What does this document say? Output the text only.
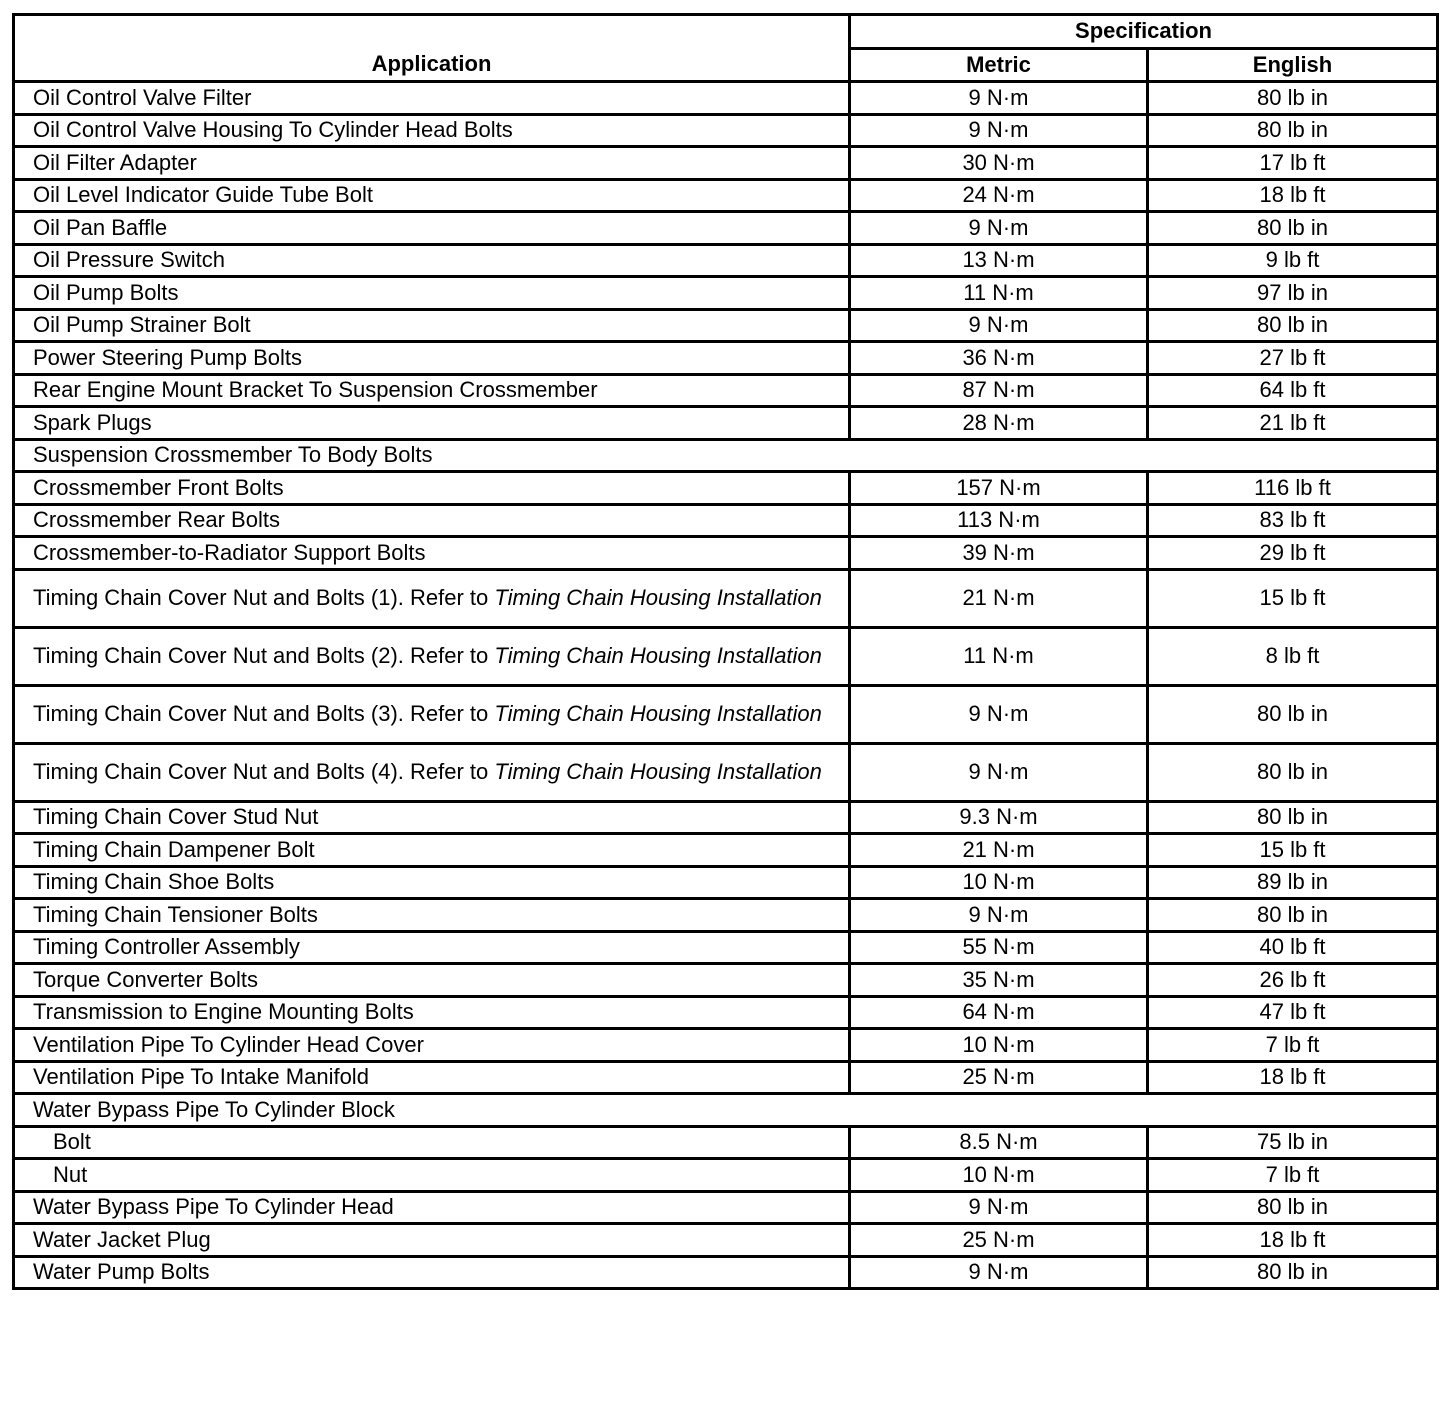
Application	Specification	
	Metric	English
Oil Control Valve Filter	9 N·m	80 lb in
Oil Control Valve Housing To Cylinder Head Bolts	9 N·m	80 lb in
Oil Filter Adapter	30 N·m	17 lb ft
Oil Level Indicator Guide Tube Bolt	24 N·m	18 lb ft
Oil Pan Baffle	9 N·m	80 lb in
Oil Pressure Switch	13 N·m	9 lb ft
Oil Pump Bolts	11 N·m	97 lb in
Oil Pump Strainer Bolt	9 N·m	80 lb in
Power Steering Pump Bolts	36 N·m	27 lb ft
Rear Engine Mount Bracket To Suspension Crossmember	87 N·m	64 lb ft
Spark Plugs	28 N·m	21 lb ft
Suspension Crossmember To Body Bolts		
Crossmember Front Bolts	157 N·m	116 lb ft
Crossmember Rear Bolts	113 N·m	83 lb ft
Crossmember-to-Radiator Support Bolts	39 N·m	29 lb ft
Timing Chain Cover Nut and Bolts (1). Refer to Timing Chain Housing Installation	21 N·m	15 lb ft
Timing Chain Cover Nut and Bolts (2). Refer to Timing Chain Housing Installation	11 N·m	8 lb ft
Timing Chain Cover Nut and Bolts (3). Refer to Timing Chain Housing Installation	9 N·m	80 lb in
Timing Chain Cover Nut and Bolts (4). Refer to Timing Chain Housing Installation	9 N·m	80 lb in
Timing Chain Cover Stud Nut	9.3 N·m	80 lb in
Timing Chain Dampener Bolt	21 N·m	15 lb ft
Timing Chain Shoe Bolts	10 N·m	89 lb in
Timing Chain Tensioner Bolts	9 N·m	80 lb in
Timing Controller Assembly	55 N·m	40 lb ft
Torque Converter Bolts	35 N·m	26 lb ft
Transmission to Engine Mounting Bolts	64 N·m	47 lb ft
Ventilation Pipe To Cylinder Head Cover	10 N·m	7 lb ft
Ventilation Pipe To Intake Manifold	25 N·m	18 lb ft
Water Bypass Pipe To Cylinder Block		
Bolt	8.5 N·m	75 lb in
Nut	10 N·m	7 lb ft
Water Bypass Pipe To Cylinder Head	9 N·m	80 lb in
Water Jacket Plug	25 N·m	18 lb ft
Water Pump Bolts	9 N·m	80 lb in
